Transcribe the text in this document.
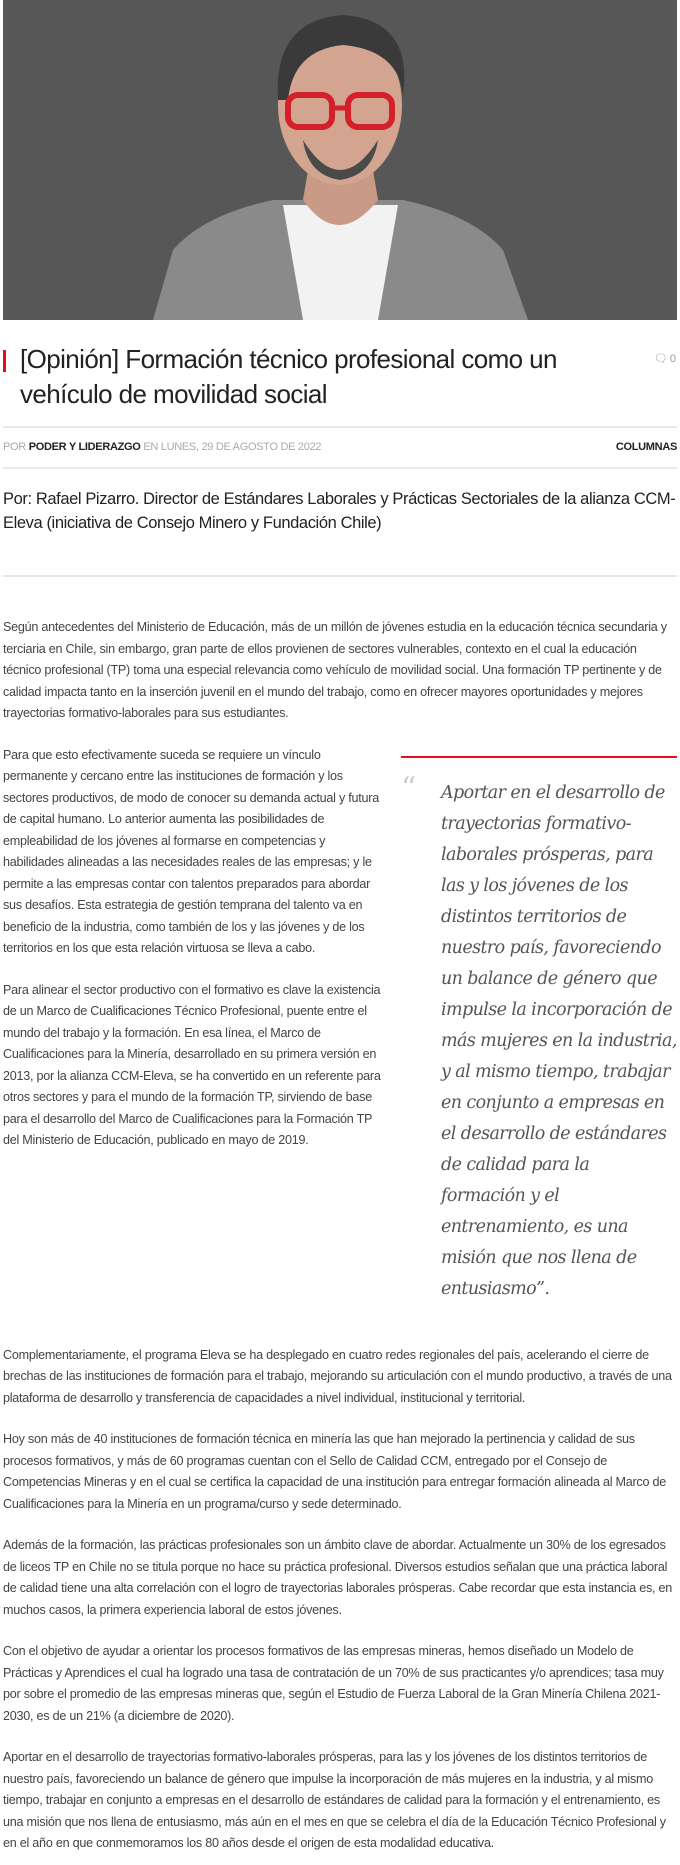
[Opinión] Formación técnico profesional como un vehículo de movilidad social
🗨 0
POR PODER Y LIDERAZGO EN LUNES, 29 DE AGOSTO DE 2022	COLUMNAS

Por: Rafael Pizarro. Director de Estándares Laborales y Prácticas Sectoriales de la alianza CCM-Eleva (iniciativa de Consejo Minero y Fundación Chile)

Según antecedentes del Ministerio de Educación, más de un millón de jóvenes estudia en la educación técnica secundaria y terciaria en Chile, sin embargo, gran parte de ellos provienen de sectores vulnerables, contexto en el cual la educación técnico profesional (TP) toma una especial relevancia como vehículo de movilidad social. Una formación TP pertinente y de calidad impacta tanto en la inserción juvenil en el mundo del trabajo, como en ofrecer mayores oportunidades y mejores trayectorias formativo-laborales para sus estudiantes.

Para que esto efectivamente suceda se requiere un vínculo permanente y cercano entre las instituciones de formación y los sectores productivos, de modo de conocer su demanda actual y futura de capital humano. Lo anterior aumenta las posibilidades de empleabilidad de los jóvenes al formarse en competencias y habilidades alineadas a las necesidades reales de las empresas; y le permite a las empresas contar con talentos preparados para abordar sus desafíos. Esta estrategia de gestión temprana del talento va en beneficio de la industria, como también de los y las jóvenes y de los territorios en los que esta relación virtuosa se lleva a cabo.

Para alinear el sector productivo con el formativo es clave la existencia de un Marco de Cualificaciones Técnico Profesional, puente entre el mundo del trabajo y la formación. En esa línea, el Marco de Cualificaciones para la Minería, desarrollado en su primera versión en 2013, por la alianza CCM-Eleva, se ha convertido en un referente para otros sectores y para el mundo de la formación TP, sirviendo de base para el desarrollo del Marco de Cualificaciones para la Formación TP del Ministerio de Educación, publicado en mayo de 2019.

“ Aportar en el desarrollo de trayectorias formativo-laborales prósperas, para las y los jóvenes de los distintos territorios de nuestro país, favoreciendo un balance de género que impulse la incorporación de más mujeres en la industria, y al mismo tiempo, trabajar en conjunto a empresas en el desarrollo de estándares de calidad para la formación y el entrenamiento, es una misión que nos llena de entusiasmo”.

Complementariamente, el programa Eleva se ha desplegado en cuatro redes regionales del país, acelerando el cierre de brechas de las instituciones de formación para el trabajo, mejorando su articulación con el mundo productivo, a través de una plataforma de desarrollo y transferencia de capacidades a nivel individual, institucional y territorial.

Hoy son más de 40 instituciones de formación técnica en minería las que han mejorado la pertinencia y calidad de sus procesos formativos, y más de 60 programas cuentan con el Sello de Calidad CCM, entregado por el Consejo de Competencias Mineras y en el cual se certifica la capacidad de una institución para entregar formación alineada al Marco de Cualificaciones para la Minería en un programa/curso y sede determinado.

Además de la formación, las prácticas profesionales son un ámbito clave de abordar. Actualmente un 30% de los egresados de liceos TP en Chile no se titula porque no hace su práctica profesional. Diversos estudios señalan que una práctica laboral de calidad tiene una alta correlación con el logro de trayectorias laborales prósperas. Cabe recordar que esta instancia es, en muchos casos, la primera experiencia laboral de estos jóvenes.

Con el objetivo de ayudar a orientar los procesos formativos de las empresas mineras, hemos diseñado un Modelo de Prácticas y Aprendices el cual ha logrado una tasa de contratación de un 70% de sus practicantes y/o aprendices; tasa muy por sobre el promedio de las empresas mineras que, según el Estudio de Fuerza Laboral de la Gran Minería Chilena 2021-2030, es de un 21% (a diciembre de 2020).

Aportar en el desarrollo de trayectorias formativo-laborales prósperas, para las y los jóvenes de los distintos territorios de nuestro país, favoreciendo un balance de género que impulse la incorporación de más mujeres en la industria, y al mismo tiempo, trabajar en conjunto a empresas en el desarrollo de estándares de calidad para la formación y el entrenamiento, es una misión que nos llena de entusiasmo, más aún en el mes en que se celebra el día de la Educación Técnico Profesional y en el año en que conmemoramos los 80 años desde el origen de esta modalidad educativa.
